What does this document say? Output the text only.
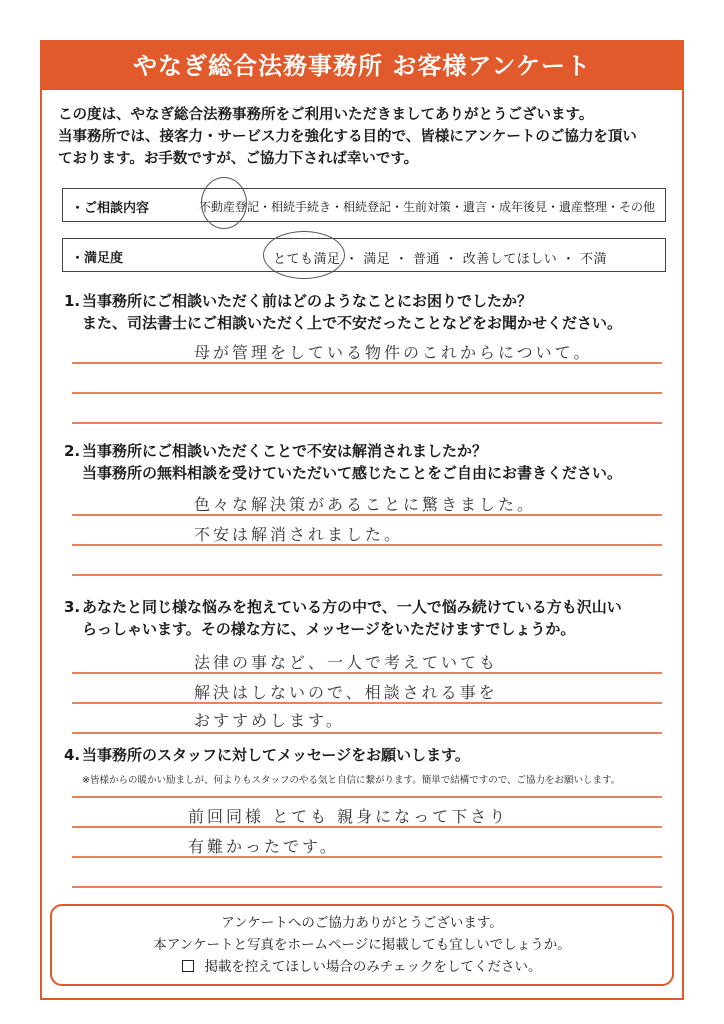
やなぎ総合法務事務所 お客様アンケート
この度は、やなぎ総合法務事務所をご利用いただきましてありがとうございます。
当事務所では、接客力・サービス力を強化する目的で、皆様にアンケートのご協力を頂い
ております。お手数ですが、ご協力下されば幸いです。
・ご相談内容	不動産登記・相続手続き・相続登記・生前対策・遺言・成年後見・遺産整理・その他
・満足度	とても満足 ・ 満足 ・ 普通 ・ 改善してほしい ・ 不満
1. 当事務所にご相談いただく前はどのようなことにお困りでしたか？
また、司法書士にご相談いただく上で不安だったことなどをお聞かせください。
母が管理をしている物件のこれからについて。
2. 当事務所にご相談いただくことで不安は解消されましたか？
当事務所の無料相談を受けていただいて感じたことをご自由にお書きください。
色々な解決策があることに驚きました。
不安は解消されました。
3. あなたと同じ様な悩みを抱えている方の中で、一人で悩み続けている方も沢山い
らっしゃいます。その様な方に、メッセージをいただけますでしょうか。
法律の事など、一人で考えていても
解決はしないので、相談される事を
おすすめします。
4. 当事務所のスタッフに対してメッセージをお願いします。
※皆様からの暖かい励ましが、何よりもスタッフのやる気と自信に繋がります。簡単で結構ですので、ご協力をお願いします。
前回同様 とても 親身になって下さり
有難かったです。
アンケートへのご協力ありがとうございます。
本アンケートと写真をホームページに掲載しても宜しいでしょうか。
掲載を控えてほしい場合のみチェックをしてください。
